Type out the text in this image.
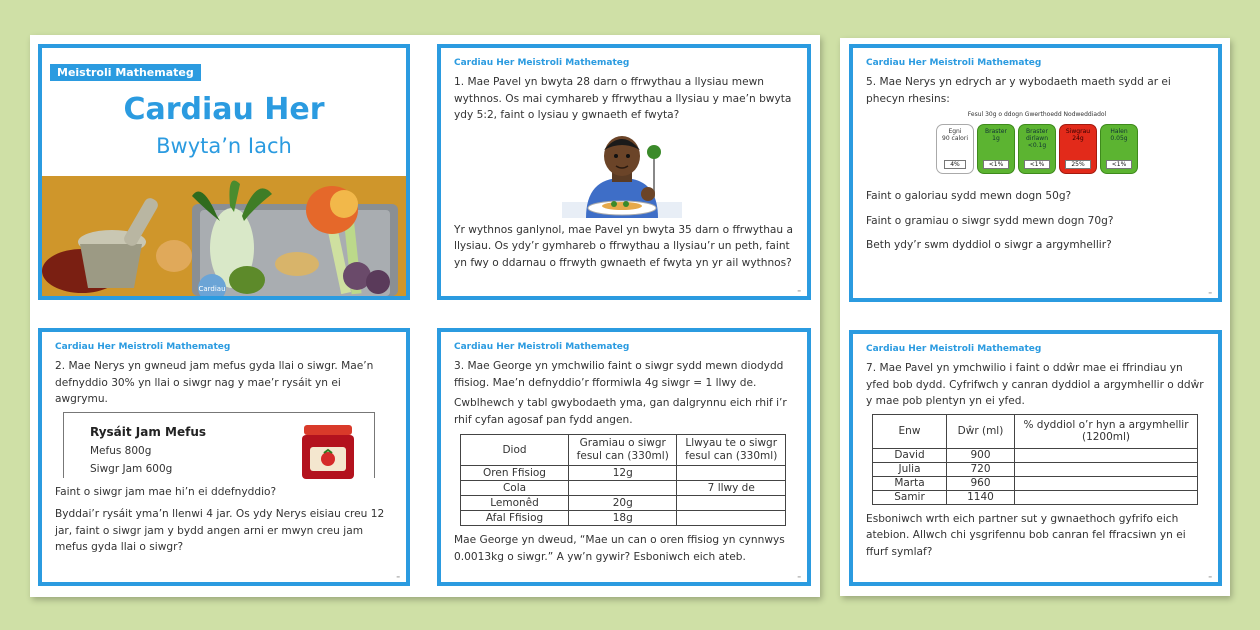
Meistroli Mathemateg
Cardiau Her
Bwyta’n Iach
Cardiau
Cardiau Her Meistroli Mathemateg

1. Mae Pavel yn bwyta 28 darn o ffrwythau a llysiau mewn wythnos. Os mai cymhareb y ffrwythau a llysiau y mae’n bwyta ydy 5:2, faint o lysiau y gwnaeth ef fwyta?

Yr wythnos ganlynol, mae Pavel yn bwyta 35 darn o ffrwythau a llysiau. Os ydy’r gymhareb o ffrwythau a llysiau’r un peth, faint yn fwy o ddarnau o ffrwyth gwnaeth ef fwyta yn yr ail wythnos?

▬
Cardiau Her Meistroli Mathemateg

5. Mae Nerys yn edrych ar y wybodaeth maeth sydd ar ei phecyn rhesins:

Fesul 30g o ddogn Gwerthoedd Nodweddiadol
Egni
90 calori
4%
Braster
1g
<1%
Braster dirlawn
<0.1g
<1%
Siwgrau
24g
25%
Halen
0.05g
<1%

Faint o galoriau sydd mewn dogn 50g?

Faint o gramiau o siwgr sydd mewn dogn 70g?

Beth ydy’r swm dyddiol o siwgr a argymhellir?

▬
Cardiau Her Meistroli Mathemateg

2. Mae Nerys yn gwneud jam mefus gyda llai o siwgr. Mae’n defnyddio 30% yn llai o siwgr nag y mae’r rysáit yn ei awgrymu.

Rysáit Jam Mefus
Mefus 800g
Siwgr Jam 600g

Faint o siwgr jam mae hi’n ei ddefnyddio?

Byddai’r rysáit yma’n llenwi 4 jar. Os ydy Nerys eisiau creu 12 jar, faint o siwgr jam y bydd angen arni er mwyn creu jam mefus gyda llai o siwgr?

▬
Cardiau Her Meistroli Mathemateg

3. Mae George yn ymchwilio faint o siwgr sydd mewn diodydd ffisiog. Mae’n defnyddio’r fformiwla 4g siwgr = 1 llwy de.

Cwblhewch y tabl gwybodaeth yma, gan dalgrynnu eich rhif i’r rhif cyfan agosaf pan fydd angen.

Diod	Gramiau o siwgr fesul can (330ml)	Llwyau te o siwgr fesul can (330ml)
Oren Ffisiog	12g	
Cola		7 llwy de
Lemonêd	20g	
Afal Ffisiog	18g	

Mae George yn dweud, “Mae un can o oren ffisiog yn cynnwys 0.0013kg o siwgr.” A yw’n gywir? Esboniwch eich ateb.

▬
Cardiau Her Meistroli Mathemateg

7. Mae Pavel yn ymchwilio i faint o ddŵr mae ei ffrindiau yn yfed bob dydd. Cyfrifwch y canran dyddiol a argymhellir o ddŵr y mae pob plentyn yn ei yfed.

Enw	Dŵr (ml)	% dyddiol o’r hyn a argymhellir (1200ml)
David	900	
Julia	720	
Marta	960	
Samir	1140	

Esboniwch wrth eich partner sut y gwnaethoch gyfrifo eich atebion. Allwch chi ysgrifennu bob canran fel ffracsiwn yn ei ffurf symlaf?

▬
